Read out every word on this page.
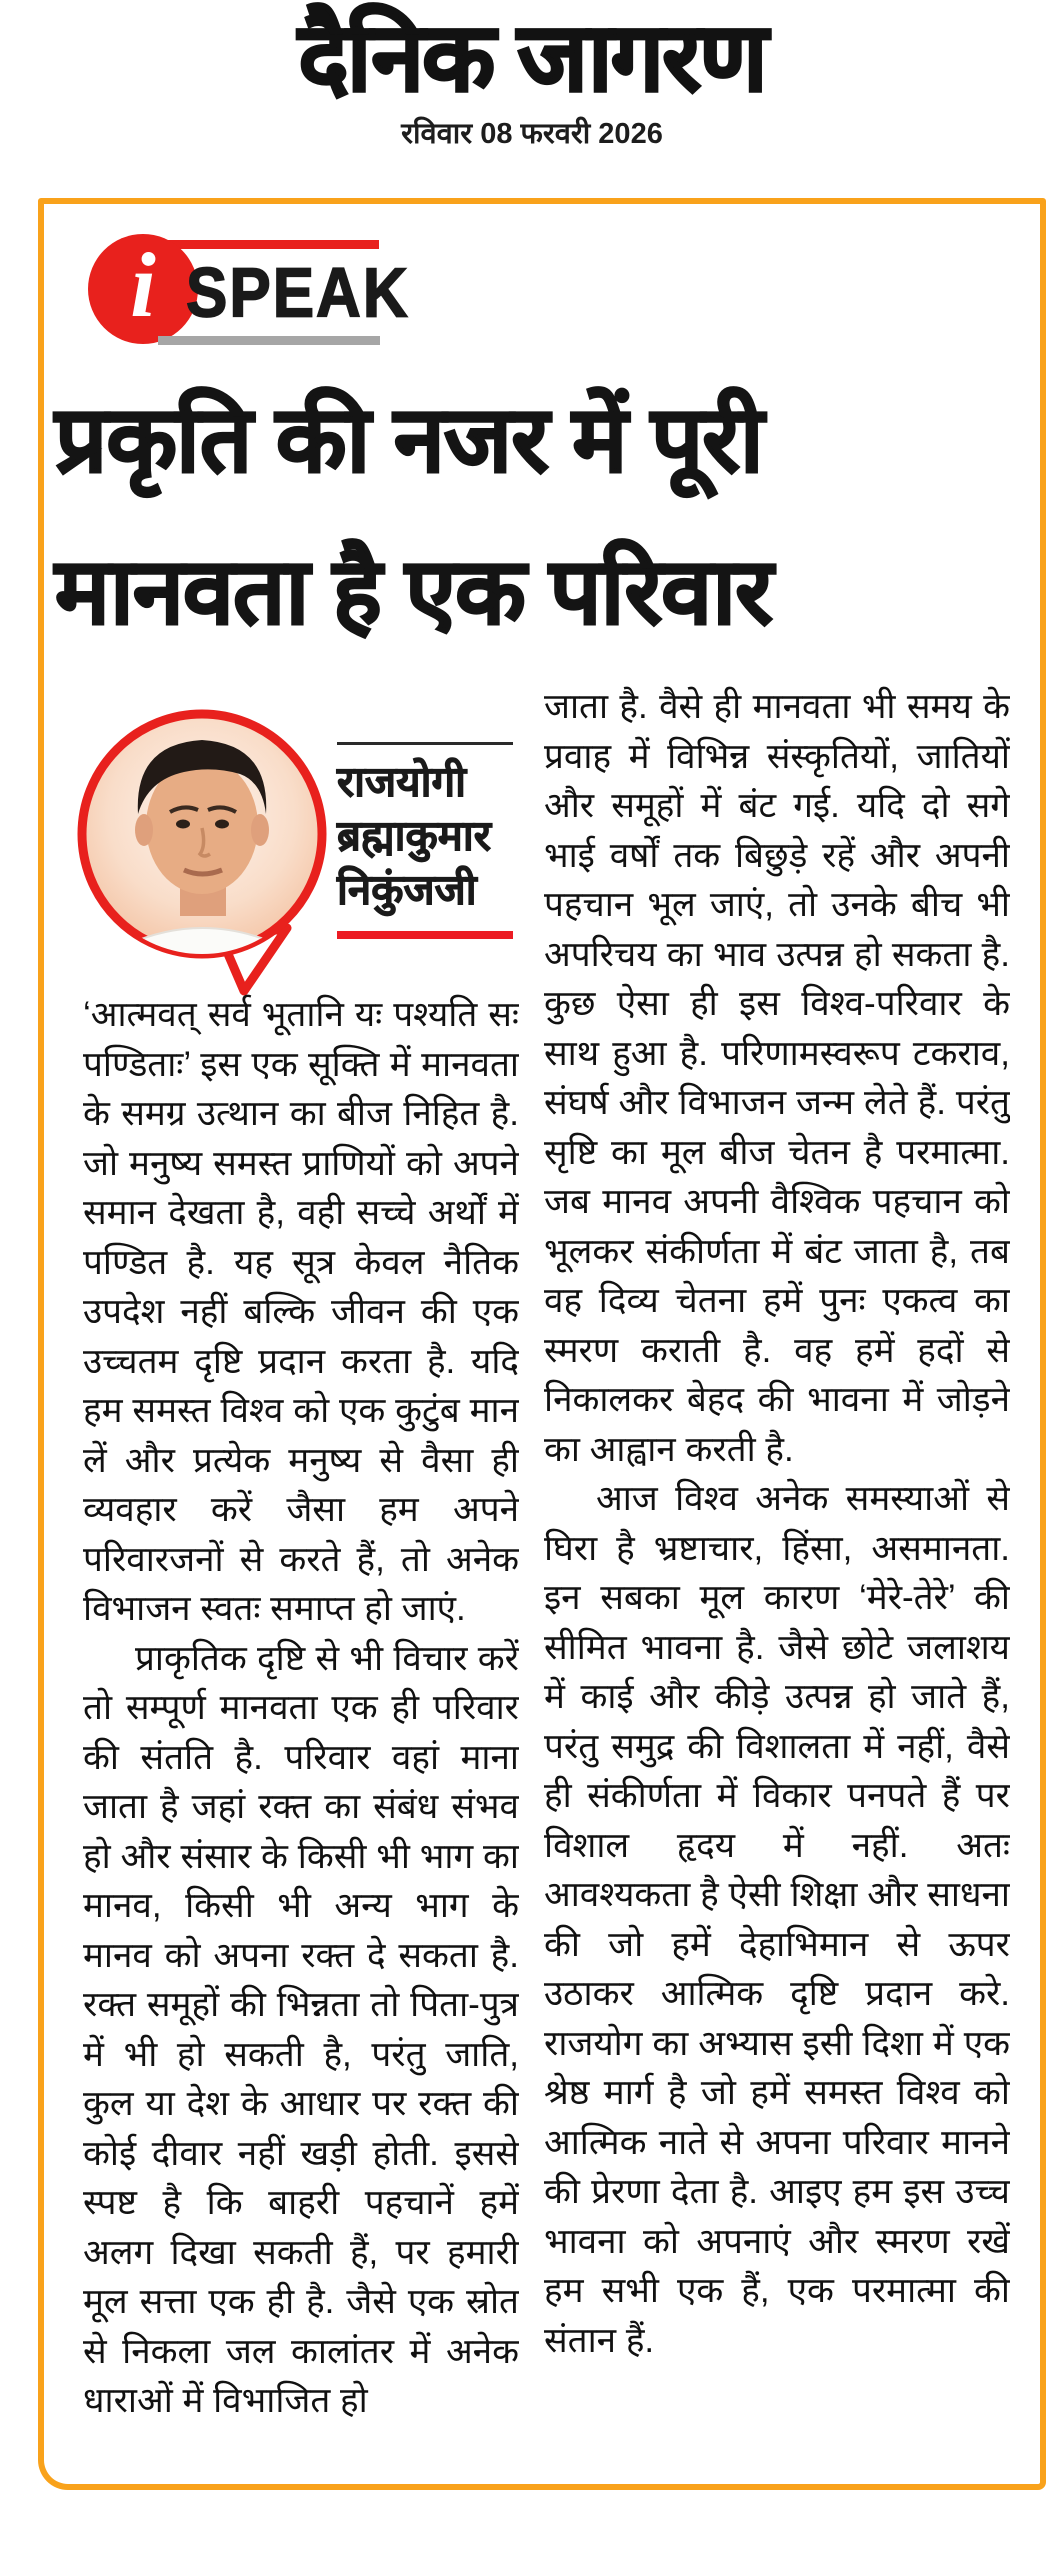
दैनिक जागरण
रविवार 08 फरवरी 2026
i SPEAK
प्रकृति की नजर में पूरी
मानवता है एक परिवार
राजयोगी
ब्रह्माकुमार
निकुंजजी

‘आत्मवत् सर्व भूतानि यः पश्यति सः पण्डिताः’ इस एक सूक्ति में मानवता के समग्र उत्थान का बीज निहित है. जो मनुष्य समस्त प्राणियों को अपने समान देखता है, वही सच्चे अर्थों में पण्डित है. यह सूत्र केवल नैतिक उपदेश नहीं बल्कि जीवन की एक उच्चतम दृष्टि प्रदान करता है. यदि हम समस्त विश्व को एक कुटुंब मान लें और प्रत्येक मनुष्य से वैसा ही व्यवहार करें जैसा हम अपने परिवारजनों से करते हैं, तो अनेक विभाजन स्वतः समाप्त हो जाएं.

प्राकृतिक दृष्टि से भी विचार करें तो सम्पूर्ण मानवता एक ही परिवार की संतति है. परिवार वहां माना जाता है जहां रक्त का संबंध संभव हो और संसार के किसी भी भाग का मानव, किसी भी अन्य भाग के मानव को अपना रक्त दे सकता है. रक्त समूहों की भिन्नता तो पिता-पुत्र में भी हो सकती है, परंतु जाति, कुल या देश के आधार पर रक्त की कोई दीवार नहीं खड़ी होती. इससे स्पष्ट है कि बाहरी पहचानें हमें अलग दिखा सकती हैं, पर हमारी मूल सत्ता एक ही है. जैसे एक स्रोत से निकला जल कालांतर में अनेक धाराओं में विभाजित हो

जाता है. वैसे ही मानवता भी समय के प्रवाह में विभिन्न संस्कृतियों, जातियों और समूहों में बंट गई. यदि दो सगे भाई वर्षों तक बिछुड़े रहें और अपनी पहचान भूल जाएं, तो उनके बीच भी अपरिचय का भाव उत्पन्न हो सकता है. कुछ ऐसा ही इस विश्व-परिवार के साथ हुआ है. परिणामस्वरूप टकराव, संघर्ष और विभाजन जन्म लेते हैं. परंतु सृष्टि का मूल बीज चेतन है परमात्मा. जब मानव अपनी वैश्विक पहचान को भूलकर संकीर्णता में बंट जाता है, तब वह दिव्य चेतना हमें पुनः एकत्व का स्मरण कराती है. वह हमें हदों से निकालकर बेहद की भावना में जोड़ने का आह्वान करती है.

आज विश्व अनेक समस्याओं से घिरा है भ्रष्टाचार, हिंसा, असमानता. इन सबका मूल कारण ‘मेरे-तेरे’ की सीमित भावना है. जैसे छोटे जलाशय में काई और कीड़े उत्पन्न हो जाते हैं, परंतु समुद्र की विशालता में नहीं, वैसे ही संकीर्णता में विकार पनपते हैं पर विशाल हृदय में नहीं. अतः आवश्यकता है ऐसी शिक्षा और साधना की जो हमें देहाभिमान से ऊपर उठाकर आत्मिक दृष्टि प्रदान करे. राजयोग का अभ्यास इसी दिशा में एक श्रेष्ठ मार्ग है जो हमें समस्त विश्व को आत्मिक नाते से अपना परिवार मानने की प्रेरणा देता है. आइए हम इस उच्च भावना को अपनाएं और स्मरण रखें हम सभी एक हैं, एक परमात्मा की संतान हैं.
